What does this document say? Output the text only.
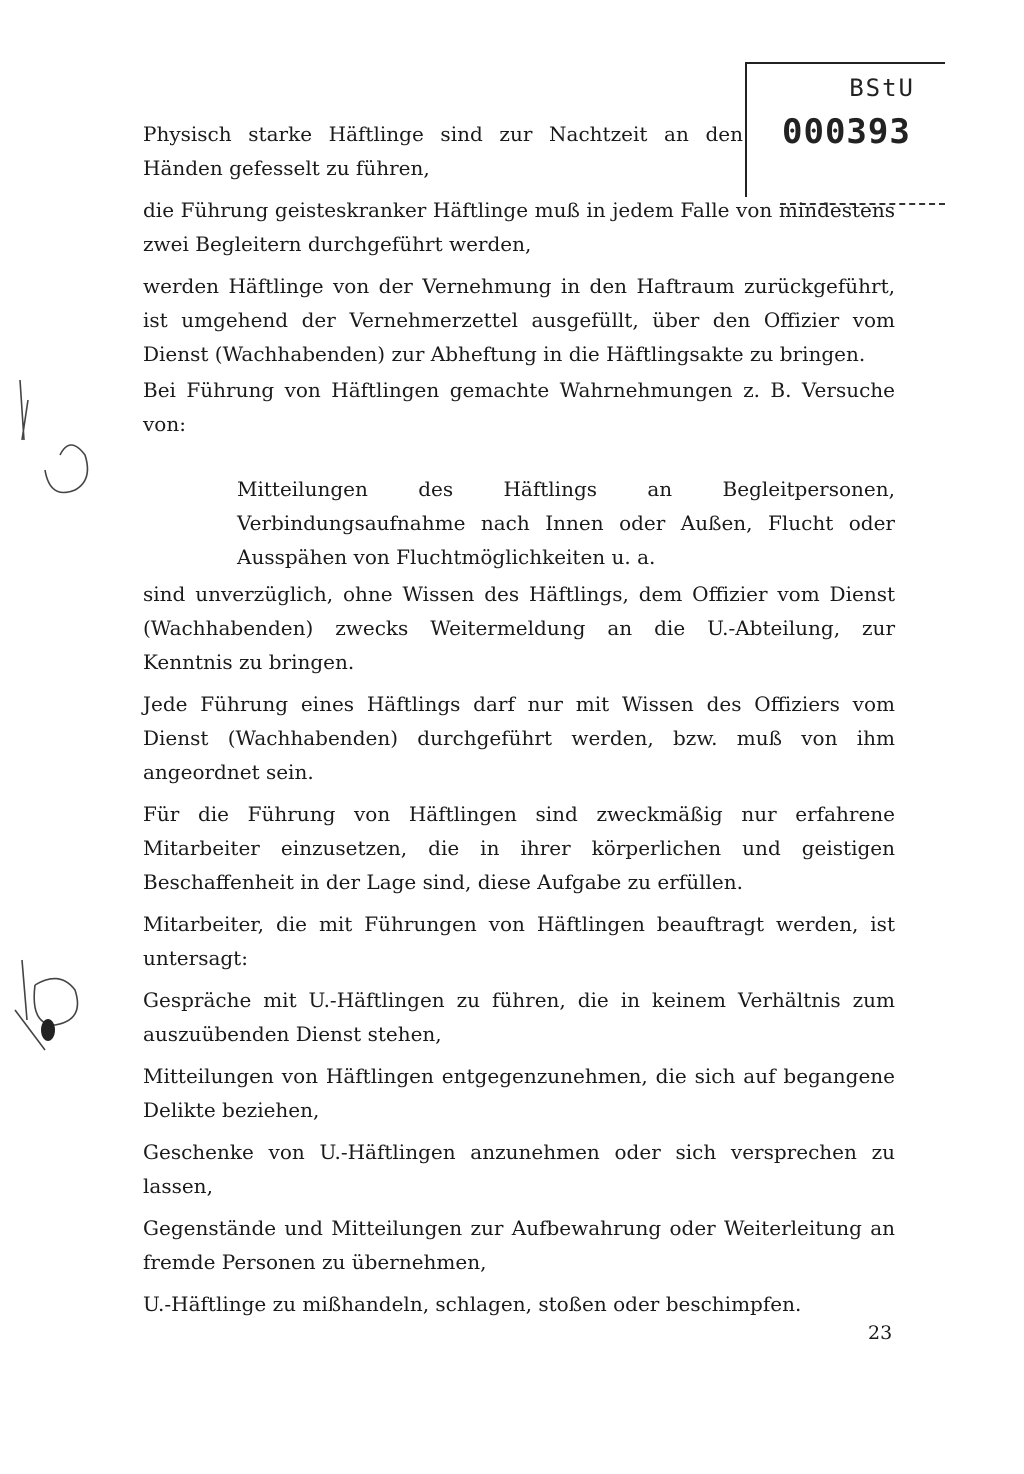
BStU
000393

Physisch starke Häftlinge sind zur Nachtzeit an den Händen gefesselt zu führen,

die Führung geisteskranker Häftlinge muß in jedem Falle von mindestens zwei Begleitern durchgeführt werden,

werden Häftlinge von der Vernehmung in den Haftraum zurückgeführt, ist umgehend der Vernehmerzettel ausgefüllt, über den Offizier vom Dienst (Wachhabenden) zur Abheftung in die Häftlingsakte zu bringen.

Bei Führung von Häftlingen gemachte Wahrnehmungen z. B. Versuche von:

Mitteilungen des Häftlings an Begleitpersonen, Verbindungsaufnahme nach Innen oder Außen, Flucht oder Ausspähen von Fluchtmöglichkeiten u. a.

sind unverzüglich, ohne Wissen des Häftlings, dem Offizier vom Dienst (Wachhabenden) zwecks Weitermeldung an die U.-Abteilung, zur Kenntnis zu bringen.

Jede Führung eines Häftlings darf nur mit Wissen des Offiziers vom Dienst (Wachhabenden) durchgeführt werden, bzw. muß von ihm angeordnet sein.

Für die Führung von Häftlingen sind zweckmäßig nur erfahrene Mitarbeiter einzusetzen, die in ihrer körperlichen und geistigen Beschaffenheit in der Lage sind, diese Aufgabe zu erfüllen.

Mitarbeiter, die mit Führungen von Häftlingen beauftragt werden, ist untersagt:

Gespräche mit U.-Häftlingen zu führen, die in keinem Verhältnis zum auszuübenden Dienst stehen,

Mitteilungen von Häftlingen entgegenzunehmen, die sich auf begangene Delikte beziehen,

Geschenke von U.-Häftlingen anzunehmen oder sich versprechen zu lassen,

Gegenstände und Mitteilungen zur Aufbewahrung oder Weiterleitung an fremde Personen zu übernehmen,

U.-Häftlinge zu mißhandeln, schlagen, stoßen oder beschimpfen.

23
